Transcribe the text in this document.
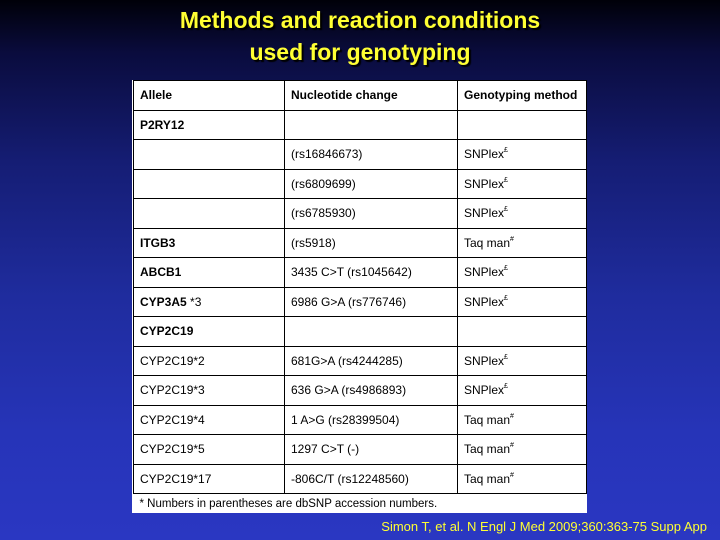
Methods and reaction conditions
used for genotyping
Allele	Nucleotide change	Genotyping method
P2RY12		
	(rs16846673)	SNPlex£
	(rs6809699)	SNPlex£
	(rs6785930)	SNPlex£
ITGB3	(rs5918)	Taq man#
ABCB1	3435 C>T (rs1045642)	SNPlex£
CYP3A5 *3	6986 G>A (rs776746)	SNPlex£
CYP2C19		
CYP2C19*2	681G>A (rs4244285)	SNPlex£
CYP2C19*3	636 G>A (rs4986893)	SNPlex£
CYP2C19*4	1 A>G (rs28399504)	Taq man#
CYP2C19*5	1297 C>T (-)	Taq man#
CYP2C19*17	-806C/T (rs12248560)	Taq man#
* Numbers in parentheses are dbSNP accession numbers.		

Simon T, et al. N Engl J Med 2009;360:363-75 Supp App
